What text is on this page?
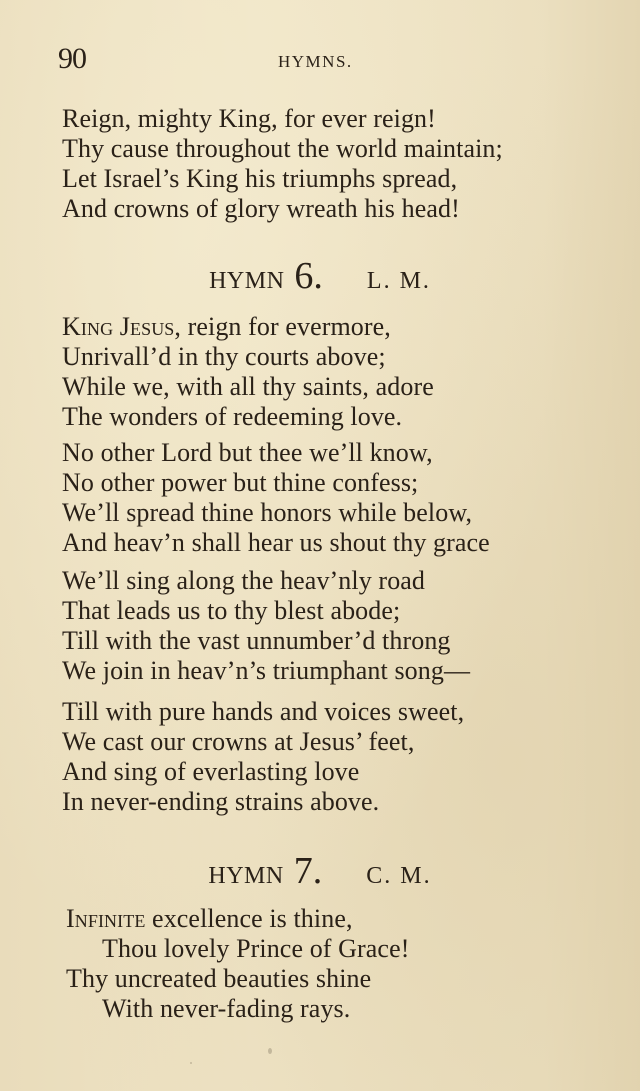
90	HYMNS.
Reign, mighty King, for ever reign!
Thy cause throughout the world maintain;
Let Israel’s King his triumphs spread,
And crowns of glory wreath his head!
HYMN 6. L. M.
King Jesus, reign for evermore,
Unrivall’d in thy courts above;
While we, with all thy saints, adore
The wonders of redeeming love.
No other Lord but thee we’ll know,
No other power but thine confess;
We’ll spread thine honors while below,
And heav’n shall hear us shout thy grace
We’ll sing along the heav’nly road
That leads us to thy blest abode;
Till with the vast unnumber’d throng
We join in heav’n’s triumphant song—
Till with pure hands and voices sweet,
We cast our crowns at Jesus’ feet,
And sing of everlasting love
In never-ending strains above.
HYMN 7. C. M.
Infinite excellence is thine,
Thou lovely Prince of Grace!
Thy uncreated beauties shine
With never-fading rays.
